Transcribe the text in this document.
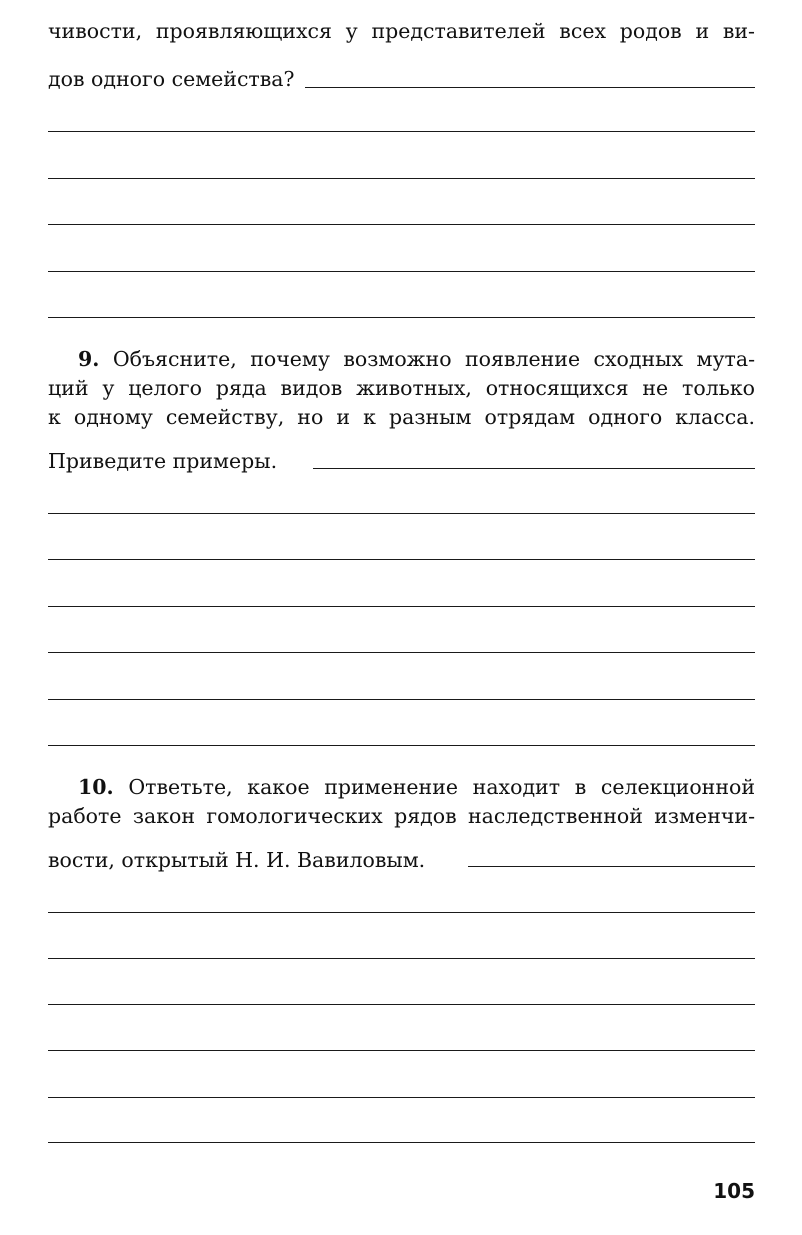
чивости, проявляющихся у представителей всех родов и ви-
дов одного семейства?
9. Объясните, почему возможно появление сходных мута-
ций у целого ряда видов животных, относящихся не только
к одному семейству, но и к разным отрядам одного класса.
Приведите примеры.
10. Ответьте, какое применение находит в селекционной
работе закон гомологических рядов наследственной изменчи-
вости, открытый Н. И. Вавиловым.
105
